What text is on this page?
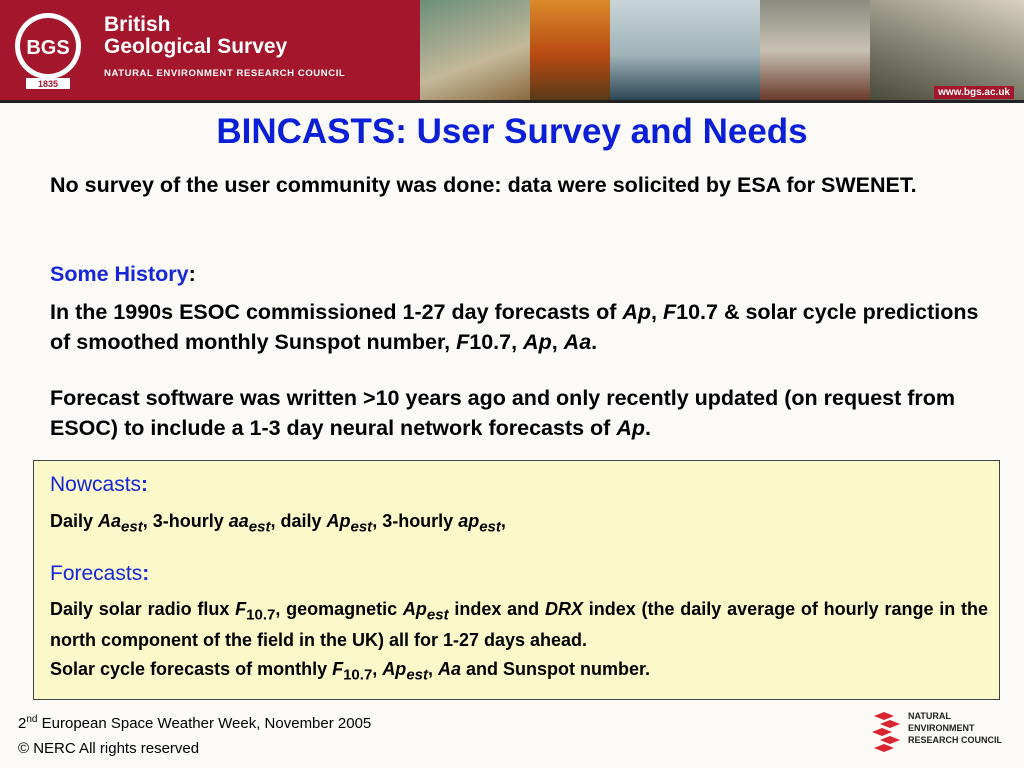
BGS
1835
British
Geological Survey
NATURAL ENVIRONMENT RESEARCH COUNCIL
www.bgs.ac.uk
BINCASTS: User Survey and Needs
No survey of the user community was done: data were solicited by ESA for SWENET.
Some History:
In the 1990s ESOC commissioned 1-27 day forecasts of Ap, F10.7 & solar cycle predictions of smoothed monthly Sunspot number, F10.7, Ap, Aa.
Forecast software was written >10 years ago and only recently updated (on request from ESOC) to include a 1-3 day neural network forecasts of Ap.
Nowcasts:
Daily $Aa_{est}$, 3-hourly $aa_{est}$, daily $Ap_{est}$, 3-hourly $ap_{est}$,
Forecasts:
Daily solar radio flux $F_{10.7}$, geomagnetic $Ap_{est}$ index and DRX index (the daily average of hourly range in the north component of the field in the UK) all for 1-27 days ahead.
Solar cycle forecasts of monthly $F_{10.7}$, $Ap_{est}$, Aa and Sunspot number.
2nd European Space Weather Week, November 2005
© NERC All rights reserved
NATURAL
ENVIRONMENT
RESEARCH COUNCIL
